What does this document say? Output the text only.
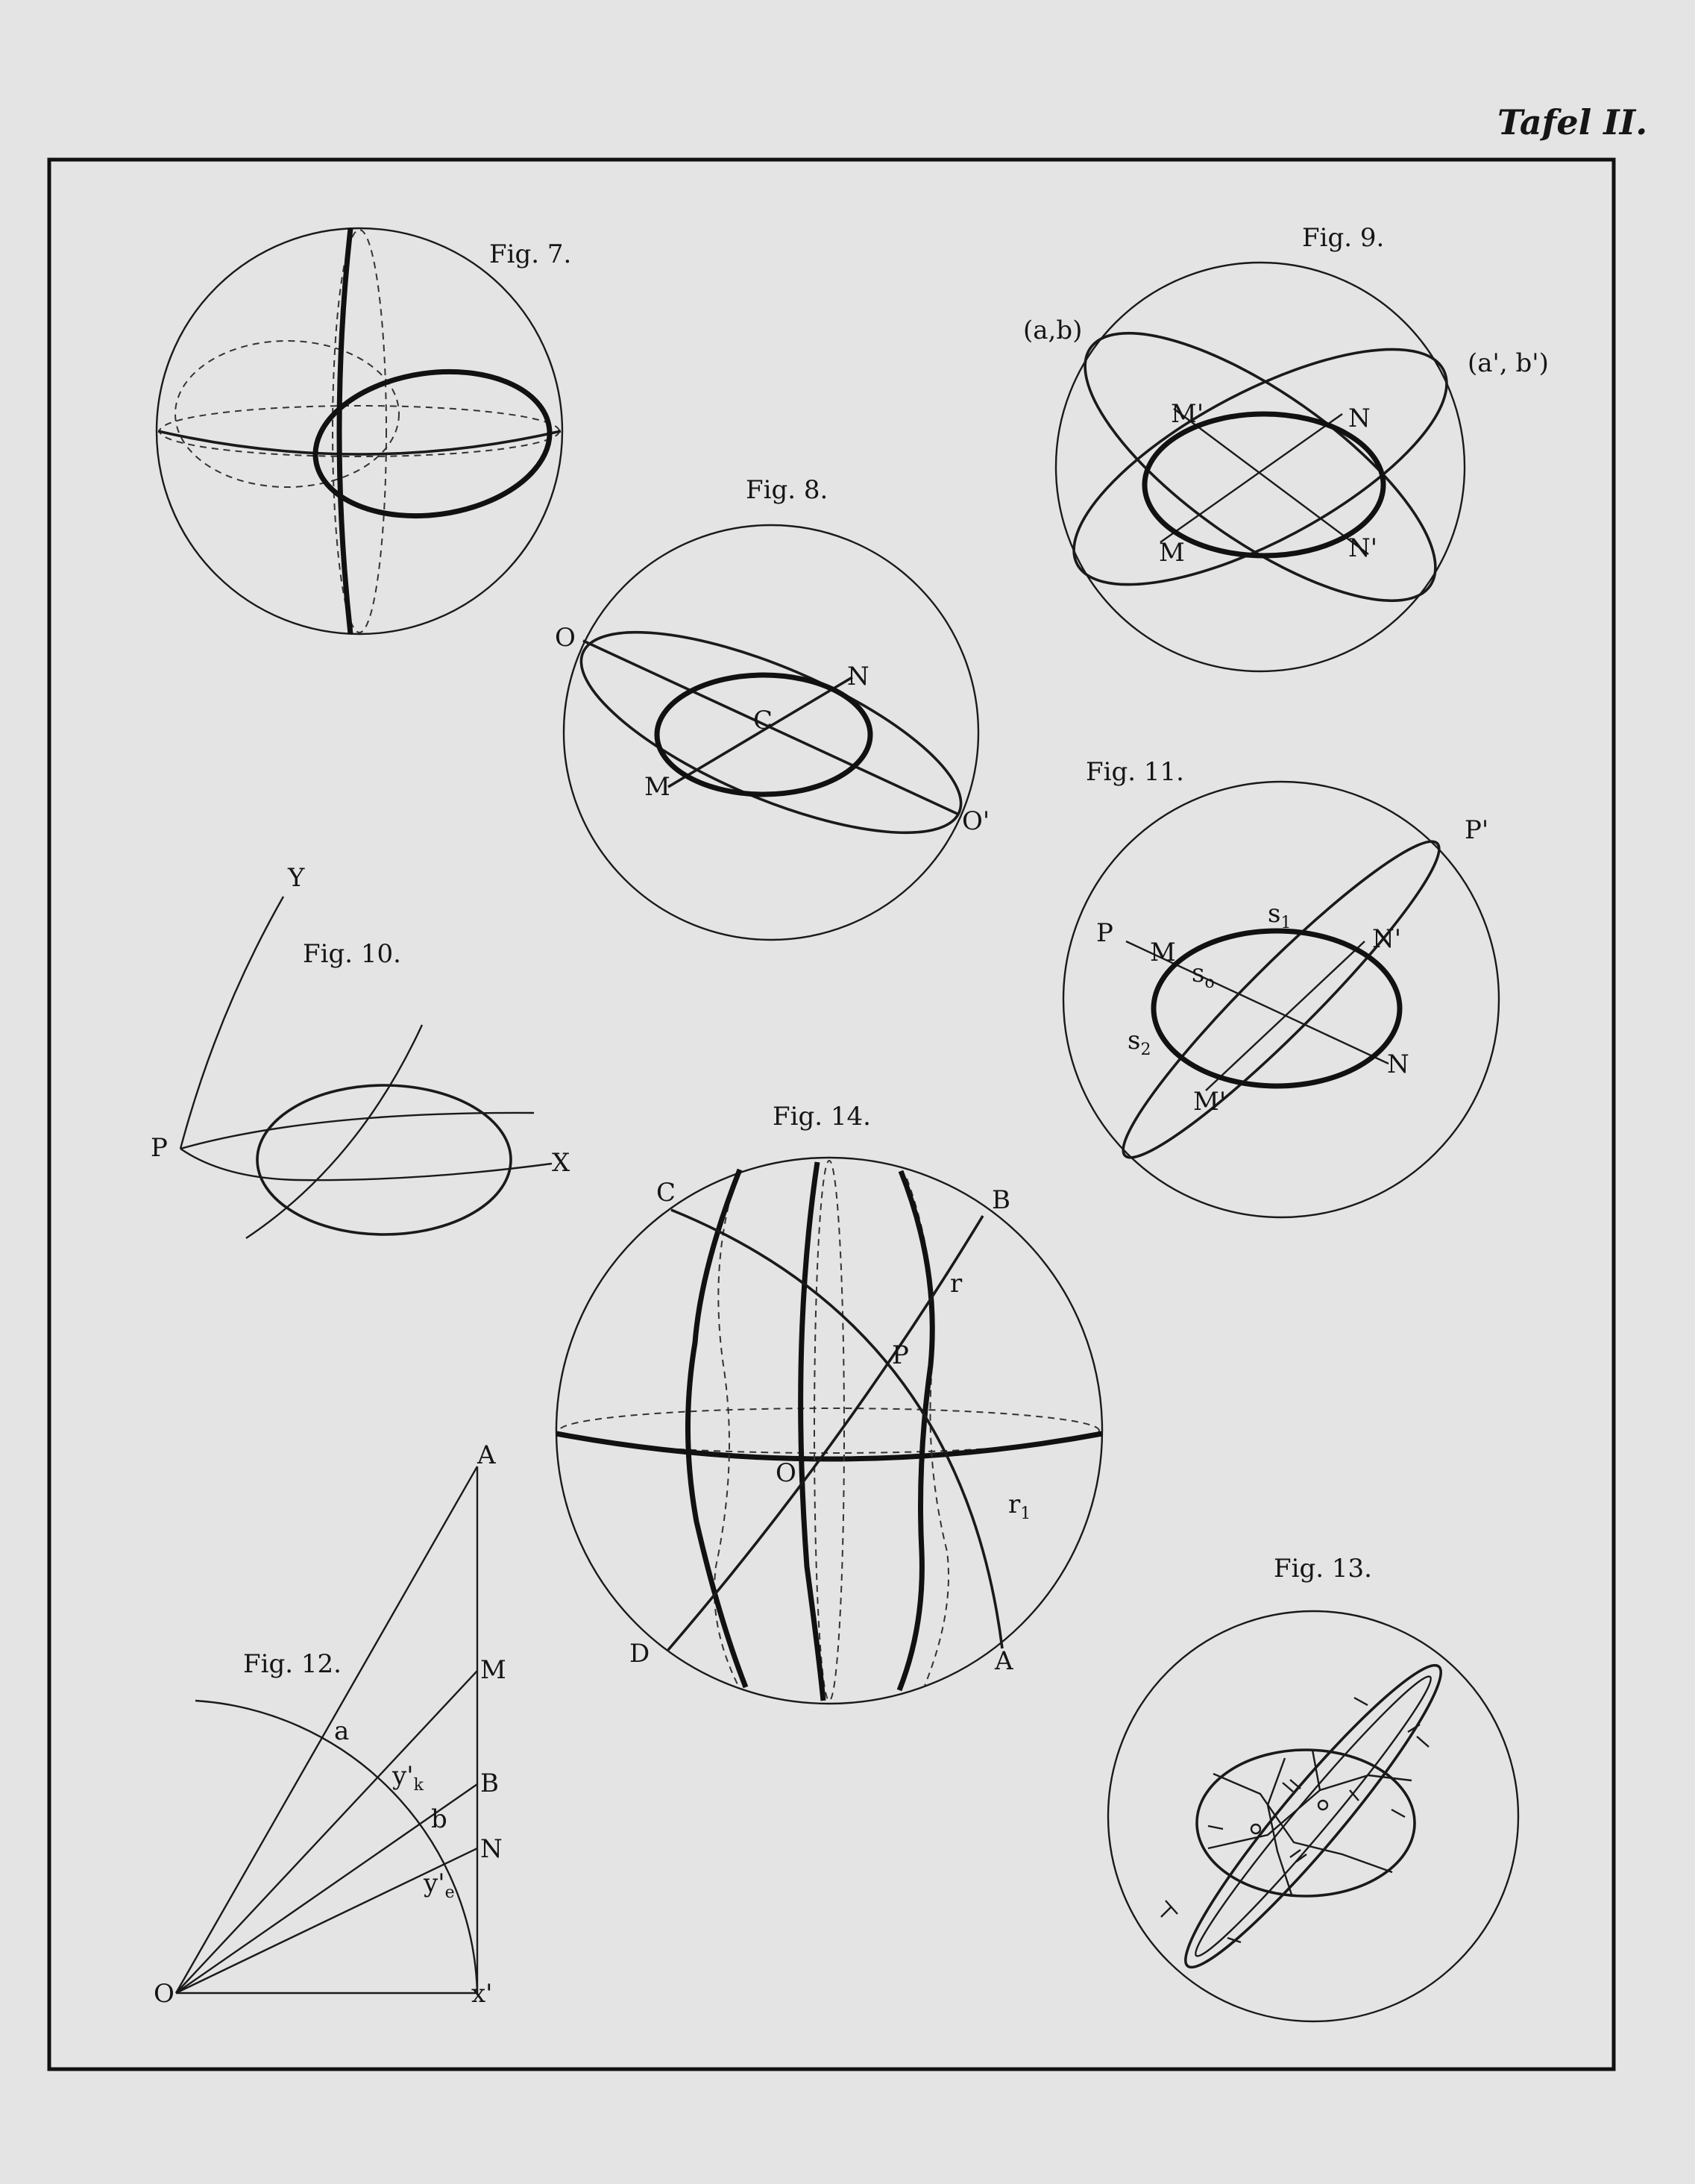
Tafel II.
Fig. 7.
Fig. 8.
O
O'
N
M
C
Fig. 9.
(a,b)
(a', b')
M'	N
M	N'
Fig. 10.
Y
P	X
Fig. 11.
P'
P
M
$s_1$
N'
$s_o$
$s_2$	N
M'
Fig. 12.
A
M
B
N
a
b
$y'_k$
$y'_e$
O	x'
Fig. 13.
Fig. 14.
C	B
r
P
O
$r_1$
D	A
